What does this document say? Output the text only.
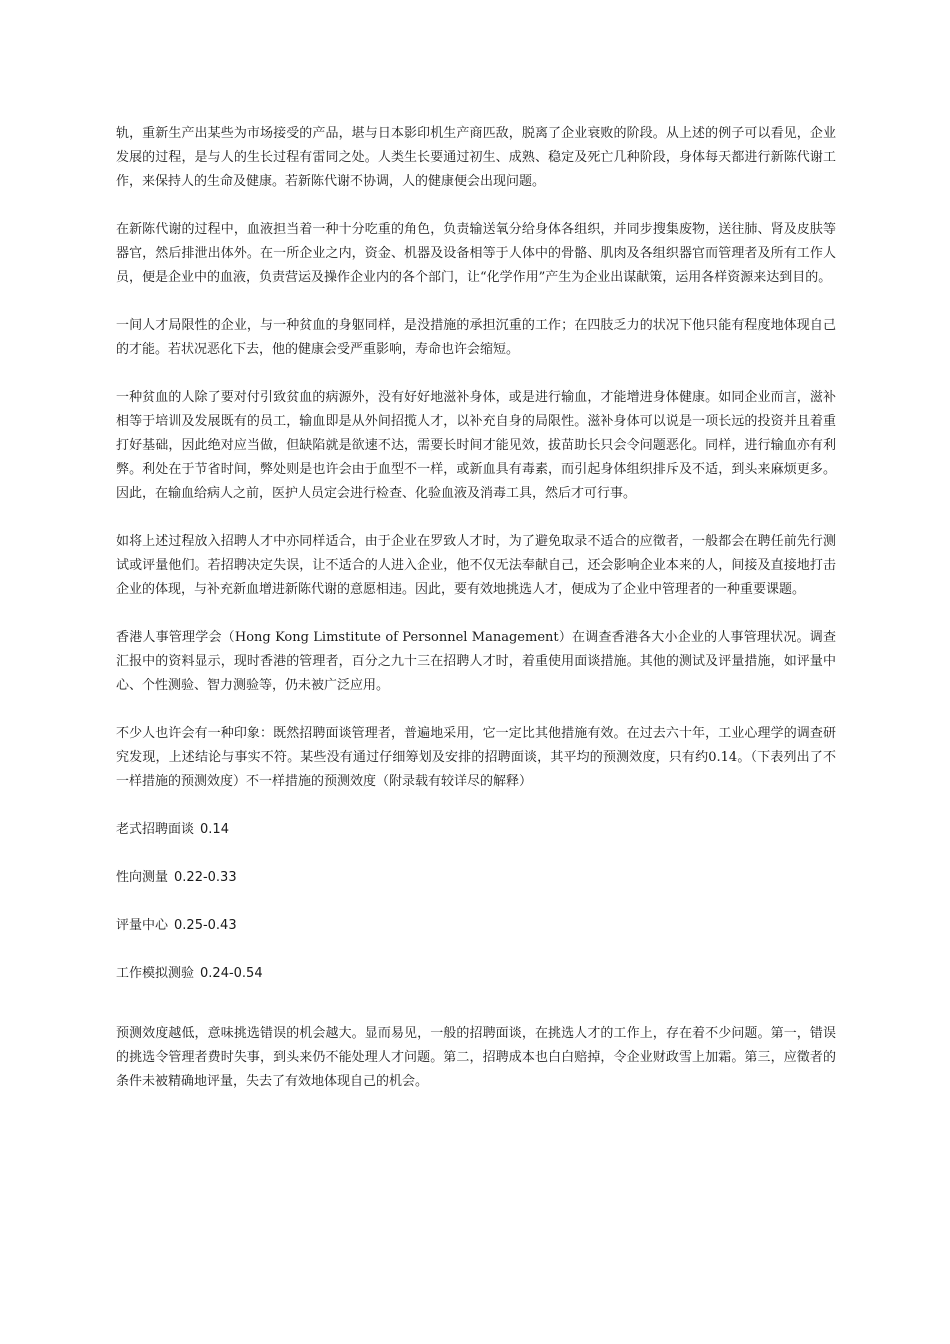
轨，重新生产出某些为市场接受的产品，堪与日本影印机生产商匹敌，脱离了企业衰败的阶段。从上述的例子可以看见，企业发展的过程，是与人的生长过程有雷同之处。人类生长要通过初生、成熟、稳定及死亡几种阶段，身体每天都进行新陈代谢工作，来保持人的生命及健康。若新陈代谢不协调，人的健康便会出现问题。

在新陈代谢的过程中，血液担当着一种十分吃重的角色，负责输送氧分给身体各组织，并同步搜集废物，送往肺、肾及皮肤等器官，然后排泄出体外。在一所企业之内，资金、机器及设备相等于人体中的骨骼、肌肉及各组织器官而管理者及所有工作人员，便是企业中的血液，负责营运及操作企业内的各个部门，让“化学作用”产生为企业出谋献策，运用各样资源来达到目的。

一间人才局限性的企业，与一种贫血的身躯同样，是没措施的承担沉重的工作；在四肢乏力的状况下他只能有程度地体现自己的才能。若状况恶化下去，他的健康会受严重影响，寿命也许会缩短。

一种贫血的人除了要对付引致贫血的病源外，没有好好地滋补身体，或是进行输血，才能增进身体健康。如同企业而言，滋补相等于培训及发展既有的员工，输血即是从外间招揽人才，以补充自身的局限性。滋补身体可以说是一项长远的投资并且着重打好基础，因此绝对应当做，但缺陷就是欲速不达，需要长时间才能见效，拔苗助长只会令问题恶化。同样，进行输血亦有利弊。利处在于节省时间，弊处则是也许会由于血型不一样，或新血具有毒素，而引起身体组织排斥及不适，到头来麻烦更多。因此，在输血给病人之前，医护人员定会进行检查、化验血液及消毒工具，然后才可行事。

如将上述过程放入招聘人才中亦同样适合，由于企业在罗致人才时，为了避免取录不适合的应徵者，一般都会在聘任前先行测试或评量他们。若招聘决定失误，让不适合的人进入企业，他不仅无法奉献自己，还会影响企业本来的人，间接及直接地打击企业的体现，与补充新血增进新陈代谢的意愿相违。因此，要有效地挑选人才，便成为了企业中管理者的一种重要课题。

香港人事管理学会（Hong Kong Limstitute of Personnel Management）在调查香港各大小企业的人事管理状况。调查汇报中的资料显示，现时香港的管理者，百分之九十三在招聘人才时，着重使用面谈措施。其他的测试及评量措施，如评量中心、个性测验、智力测验等，仍未被广泛应用。

不少人也许会有一种印象：既然招聘面谈管理者，普遍地采用，它一定比其他措施有效。在过去六十年，工业心理学的调查研究发现，上述结论与事实不符。某些没有通过仔细筹划及安排的招聘面谈，其平均的预测效度，只有约0.14。（下表列出了不一样措施的预测效度）不一样措施的预测效度（附录载有较详尽的解释）

老式招聘面谈 0.14
性向测量 0.22-0.33
评量中心 0.25-0.43
工作模拟测验 0.24-0.54

预测效度越低，意味挑选错误的机会越大。显而易见，一般的招聘面谈，在挑选人才的工作上，存在着不少问题。第一，错误的挑选令管理者费时失事，到头来仍不能处理人才问题。第二，招聘成本也白白赔掉，令企业财政雪上加霜。第三，应徵者的条件未被精确地评量，失去了有效地体现自己的机会。
